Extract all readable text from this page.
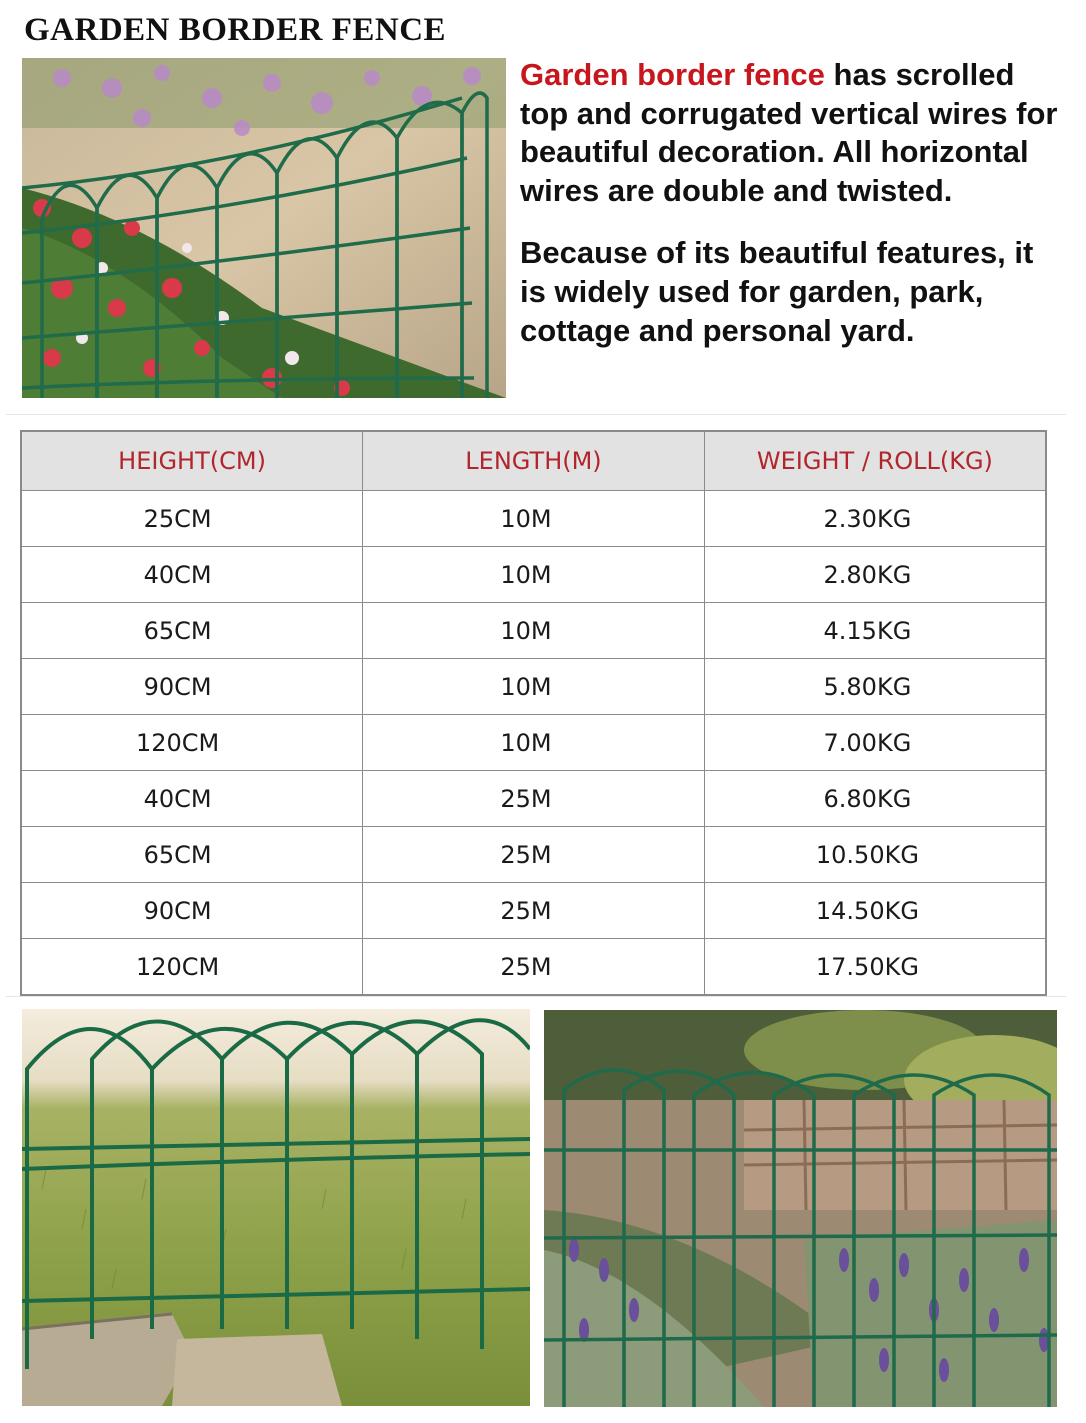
GARDEN BORDER FENCE

Garden border fence has scrolled top and corrugated vertical wires for beautiful decoration. All horizontal wires are double and twisted.

Because of its beautiful features, it is widely used for garden, park, cottage and personal yard.

HEIGHT(CM)	LENGTH(M)	WEIGHT / ROLL(KG)
25CM	10M	2.30KG
40CM	10M	2.80KG
65CM	10M	4.15KG
90CM	10M	5.80KG
120CM	10M	7.00KG
40CM	25M	6.80KG
65CM	25M	10.50KG
90CM	25M	14.50KG
120CM	25M	17.50KG
